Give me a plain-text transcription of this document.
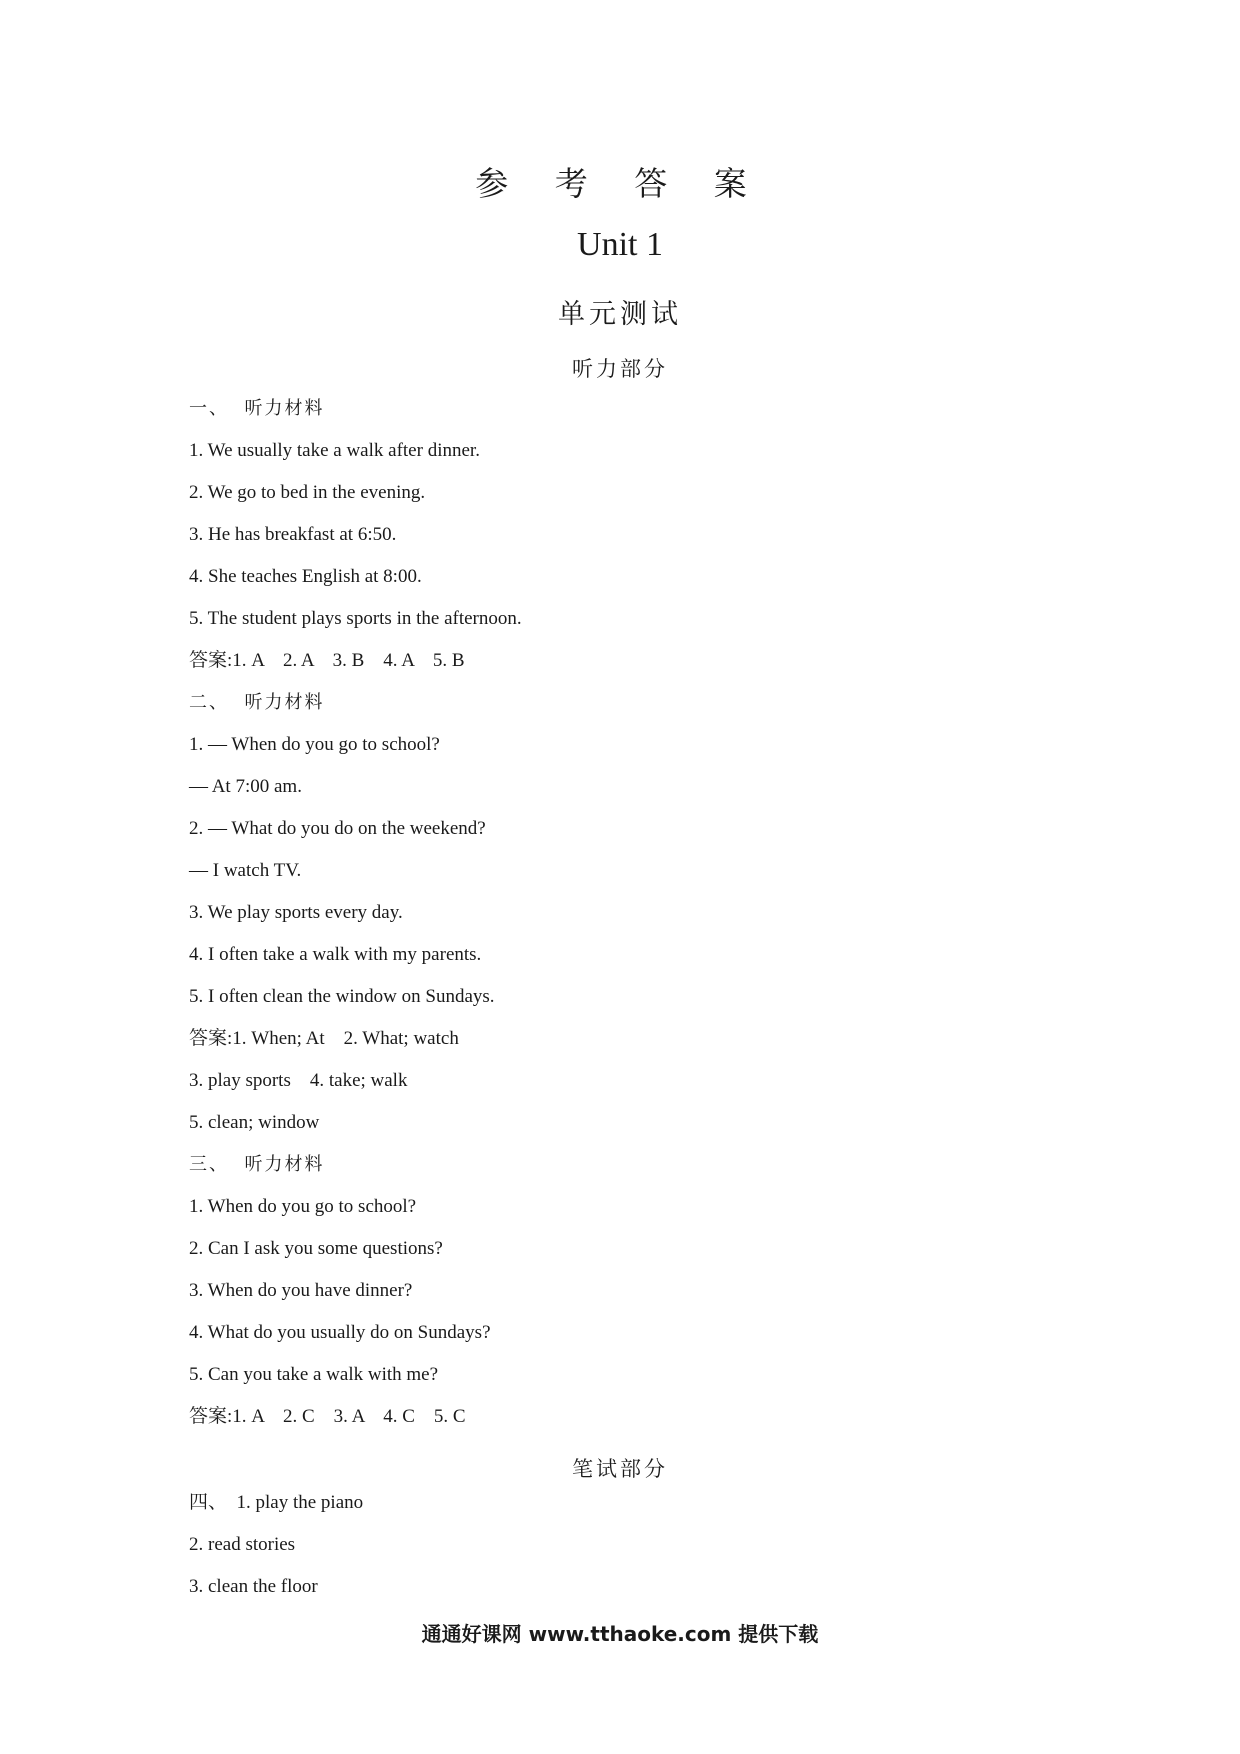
参 考 答 案
Unit 1
单元测试
听力部分
一、  听力材料
1. We usually take a walk after dinner.
2. We go to bed in the evening.
3. He has breakfast at 6:50.
4. She teaches English at 8:00.
5. The student plays sports in the afternoon.
答案:1. A    2. A    3. B    4. A    5. B
二、  听力材料
1. — When do you go to school?
— At 7:00 am.
2. — What do you do on the weekend?
— I watch TV.
3. We play sports every day.
4. I often take a walk with my parents.
5. I often clean the window on Sundays.
答案:1. When; At    2. What; watch
3. play sports    4. take; walk
5. clean; window
三、  听力材料
1. When do you go to school?
2. Can I ask you some questions?
3. When do you have dinner?
4. What do you usually do on Sundays?
5. Can you take a walk with me?
答案:1. A    2. C    3. A    4. C    5. C
四、  1. play the piano
2. read stories
3. clean the floor
笔试部分
通通好课网 www.tthaoke.com 提供下载
